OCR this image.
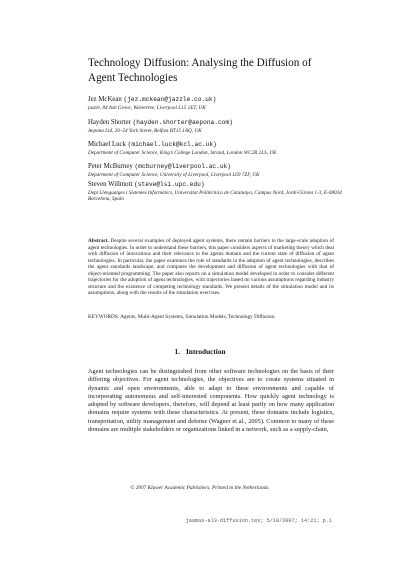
Technology Diffusion: Analysing the Diffusion of Agent Technologies
Jez McKean (jez.mckean@jazzle.co.uk)
jazzle, 84 Ash Grove, Wavertree, Liverpool L15 1ET, UK
Hayden Shorter (hayden.shorter@aepona.com)
Aepona Ltd, 20–24 York Street, Belfast BT15 1AQ, UK
Michael Luck (michael.luck@kcl.ac.uk)
Department of Computer Science, King’s College London, Strand, London WC2R 2LS, UK
Peter McBurney (mcburney@liverpool.ac.uk)
Department of Computer Science, University of Liverpool, Liverpool L69 7ZF, UK
Steven Willmott (steve@lsi.upc.edu)
Dept Llenguatges i Sistemes Informàtics, Universitat Politècnica de Catalunya, Campus Nord, Jordi-Girona 1-3, E-08034 Barcelona, Spain
Abstract. Despite several examples of deployed agent systems, there remain barriers to the large-scale adoption of agent technologies. In order to understand these barriers, this paper considers aspects of marketing theory which deal with diffusion of innovations and their relevance to the agents domain and the current state of diffusion of agent technologies. In particular, the paper examines the role of standards in the adoption of agent technologies, describes the agent standards landscape, and compares the development and diffusion of agent technologies with that of object-oriented programming. The paper also reports on a simulation model developed in order to consider different trajectories for the adoption of agent technologies, with trajectories based on various assumptions regarding industry structure and the existence of competing technology standards. We present details of the simulation model and its assumptions, along with the results of the simulation exercises.
KEYWORDS: Agents, Multi-Agent Systems, Simulation Models, Technology Diffusion.
1. Introduction

Agent technologies can be distinguished from other software technologies on the basis of their differing objectives. For agent technologies, the objectives are to create systems situated in dynamic and open environments, able to adapt to these environments and capable of incorporating autonomous and self-interested components. How quickly agent technology is adopted by software developers, therefore, will depend at least partly on how many application domains require systems with these characteristics. At present, these domains include logistics, transportation, utility management and defense (Wagner et al., 2005). Common to many of these domains are multiple stakeholders or organizations linked in a network, such as a supply-chain,

© 2007 Kluwer Academic Publishers. Printed in the Netherlands.
jaamas-al3-diffusion.tex; 5/10/2007; 14:21; p.1
